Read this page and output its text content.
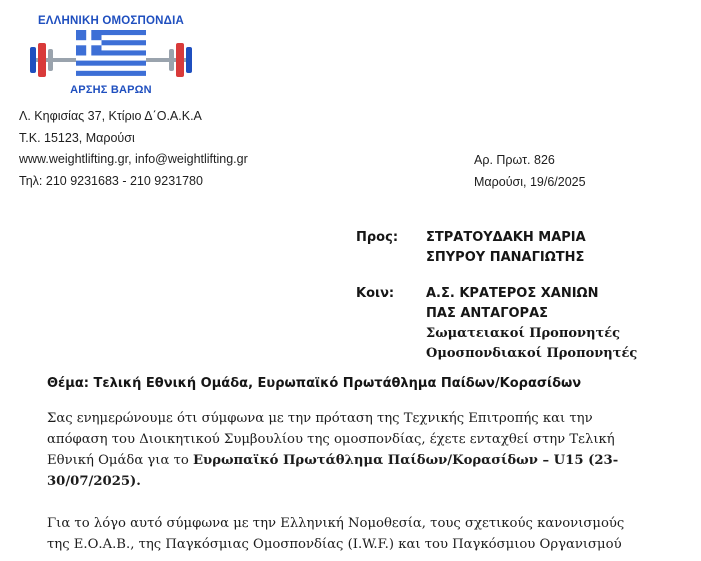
ΕΛΛΗΝΙΚΗ ΟΜΟΣΠΟΝΔΙΑ
ΑΡΣΗΣ ΒΑΡΩΝ
Λ. Κηφισίας 37, Κτίριο Δ΄Ο.Α.Κ.Α
Τ.Κ. 15123, Μαρούσι
www.weightlifting.gr, info@weightlifting.gr
Τηλ: 210 9231683 - 210 9231780
Αρ. Πρωτ. 826
Μαρούσι, 19/6/2025
Προς: ΣΤΡΑΤΟΥΔΑΚΗ ΜΑΡΙΑ
ΣΠΥΡΟΥ ΠΑΝΑΓΙΩΤΗΣ
Κοιν: Α.Σ. ΚΡΑΤΕΡΟΣ ΧΑΝΙΩΝ
ΠΑΣ ΑΝΤΑΓΟΡΑΣ
Σωματειακοί Προπονητές
Ομοσπονδιακοί Προπονητές
Θέμα: Τελική Εθνική Ομάδα, Ευρωπαϊκό Πρωτάθλημα Παίδων/Κορασίδων
Σας ενημερώνουμε ότι σύμφωνα με την πρόταση της Τεχνικής Επιτροπής και την
απόφαση του Διοικητικού Συμβουλίου της ομοσπονδίας, έχετε ενταχθεί στην Τελική
Εθνική Ομάδα για το Ευρωπαϊκό Πρωτάθλημα Παίδων/Κορασίδων – U15 (23-
30/07/2025).
Για το λόγο αυτό σύμφωνα με την Ελληνική Νομοθεσία, τους σχετικούς κανονισμούς
της Ε.Ο.Α.Β., της Παγκόσμιας Ομοσπονδίας (I.W.F.) και του Παγκόσμιου Οργανισμού
